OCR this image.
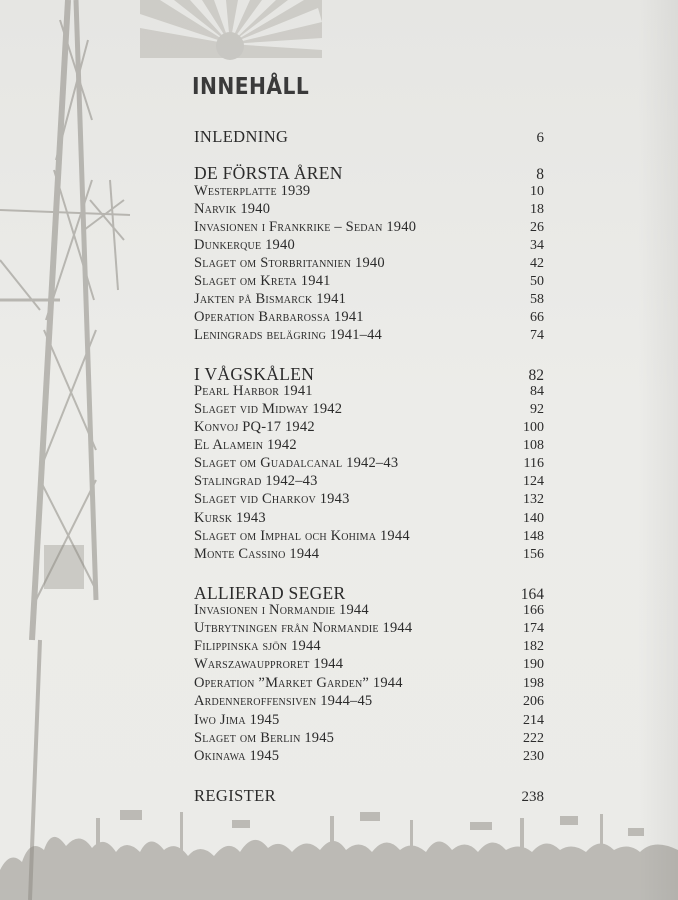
INNEHÅLL
INLEDNING	6
DE FÖRSTA ÅREN	8
Westerplatte 1939	10
Narvik 1940	18
Invasionen i Frankrike – Sedan 1940	26
Dunkerque 1940	34
Slaget om Storbritannien 1940	42
Slaget om Kreta 1941	50
Jakten på Bismarck 1941	58
Operation Barbarossa 1941	66
Leningrads belägring 1941–44	74
I VÅGSKÅLEN	82
Pearl Harbor 1941	84
Slaget vid Midway 1942	92
Konvoj PQ-17 1942	100
El Alamein 1942	108
Slaget om Guadalcanal 1942–43	116
Stalingrad 1942–43	124
Slaget vid Charkov 1943	132
Kursk 1943	140
Slaget om Imphal och Kohima 1944	148
Monte Cassino 1944	156
ALLIERAD SEGER	164
Invasionen i Normandie 1944	166
Utbrytningen från Normandie 1944	174
Filippinska sjön 1944	182
Warszawaupproret 1944	190
Operation ”Market Garden” 1944	198
Ardenneroffensiven 1944–45	206
Iwo Jima 1945	214
Slaget om Berlin 1945	222
Okinawa 1945	230
REGISTER	238
